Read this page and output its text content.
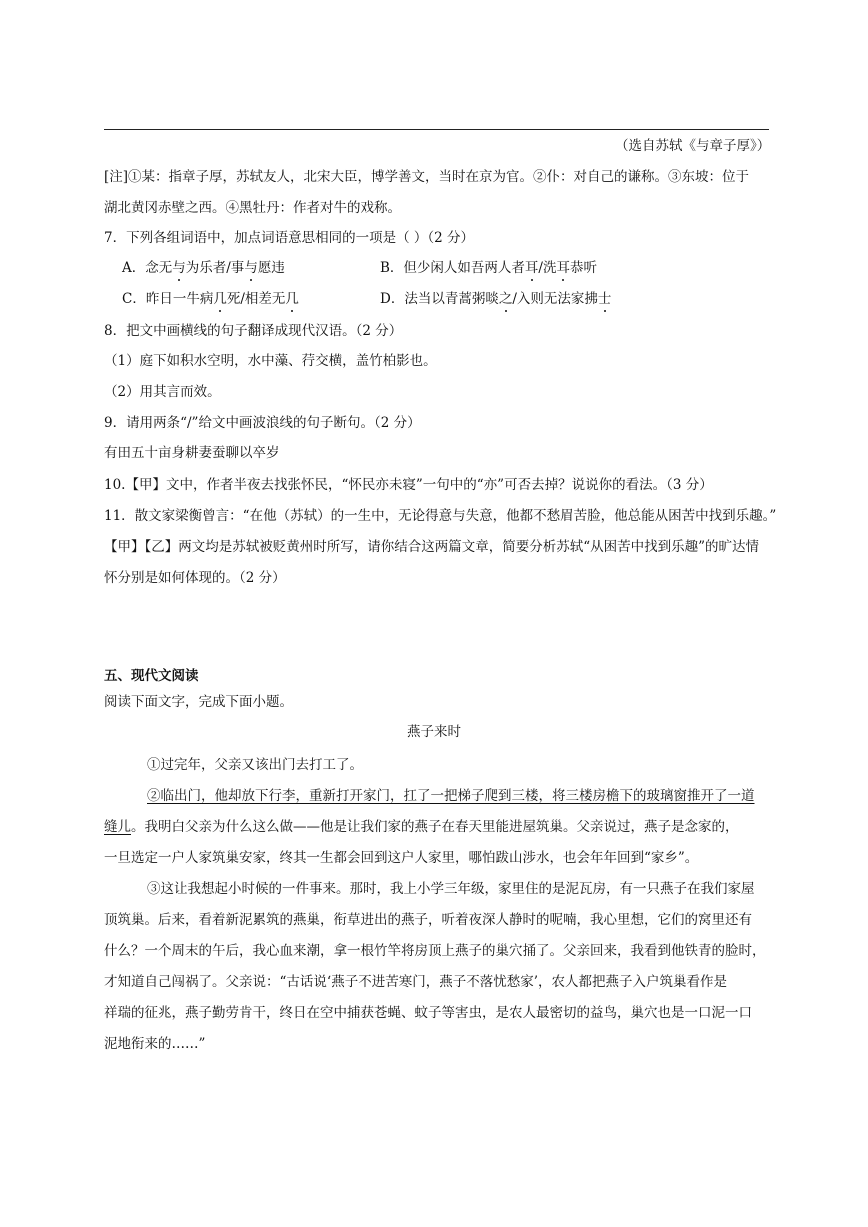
（选自苏轼《与章子厚》）
[注]①某：指章子厚，苏轼友人，北宋大臣，博学善文，当时在京为官。②仆：对自己的谦称。③东坡：位于
湖北黄冈赤壁之西。④黑牡丹：作者对牛的戏称。
7．下列各组词语中，加点词语意思相同的一项是（ ）（2 分）
A．念无与为乐者/事与愿违	B．但少闲人如吾两人者耳/洗耳恭听
C．昨日一牛病几死/相差无几	D．法当以青蒿粥啖之/入则无法家拂士
8．把文中画横线的句子翻译成现代汉语。（2 分）
（1）庭下如积水空明，水中藻、荇交横，盖竹柏影也。
（2）用其言而效。
9．请用两条“/”给文中画波浪线的句子断句。（2 分）
有田五十亩身耕妻蚕聊以卒岁
10.【甲】文中，作者半夜去找张怀民，“怀民亦未寝”一句中的“亦”可否去掉？说说你的看法。（3 分）
11．散文家梁衡曾言：“在他（苏轼）的一生中，无论得意与失意，他都不愁眉苦脸，他总能从困苦中找到乐趣。”
【甲】【乙】两文均是苏轼被贬黄州时所写，请你结合这两篇文章，简要分析苏轼“从困苦中找到乐趣”的旷达情
怀分别是如何体现的。（2 分）
五、现代文阅读
阅读下面文字，完成下面小题。
燕子来时
①过完年，父亲又该出门去打工了。
②临出门，他却放下行李，重新打开家门，扛了一把梯子爬到三楼，将三楼房檐下的玻璃窗推开了一道
缝儿。我明白父亲为什么这么做——他是让我们家的燕子在春天里能进屋筑巢。父亲说过，燕子是念家的，
一旦选定一户人家筑巢安家，终其一生都会回到这户人家里，哪怕跋山涉水，也会年年回到“家乡”。
③这让我想起小时候的一件事来。那时，我上小学三年级，家里住的是泥瓦房，有一只燕子在我们家屋
顶筑巢。后来，看着新泥累筑的燕巢，衔草进出的燕子，听着夜深人静时的呢喃，我心里想，它们的窝里还有
什么？一个周末的午后，我心血来潮，拿一根竹竿将房顶上燕子的巢穴捅了。父亲回来，我看到他铁青的脸时，
才知道自己闯祸了。父亲说：“古话说‘燕子不进苦寒门，燕子不落忧愁家’，农人都把燕子入户筑巢看作是
祥瑞的征兆，燕子勤劳肯干，终日在空中捕获苍蝇、蚊子等害虫，是农人最密切的益鸟，巢穴也是一口泥一口
泥地衔来的……”
